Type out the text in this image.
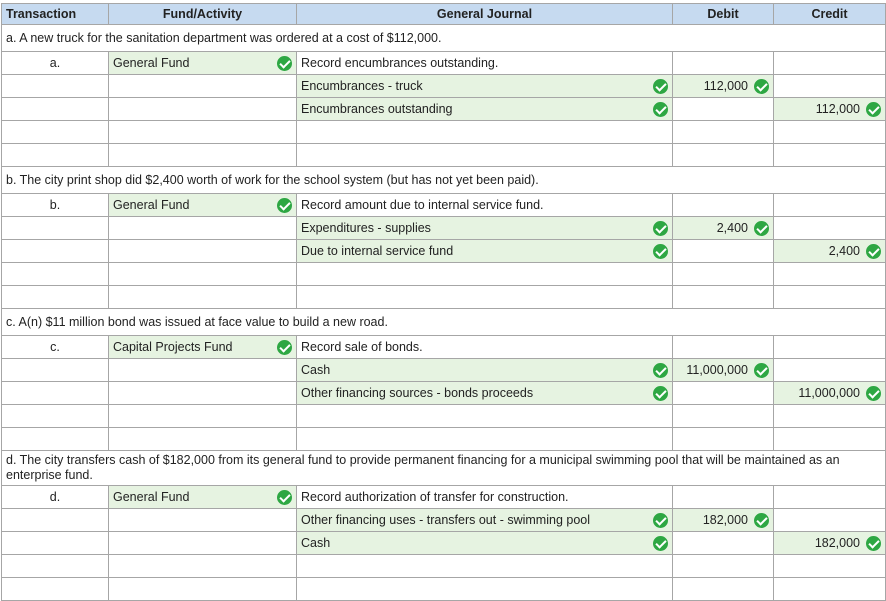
Transaction	Fund/Activity	General Journal	Debit	Credit
a. A new truck for the sanitation department was ordered at a cost of $112,000.				
a.	General Fund	Record encumbrances outstanding.		

		Encumbrances - truck	112,000	

		Encumbrances outstanding		112,000

b. The city print shop did $2,400 worth of work for the school system (but has not yet been paid).				
b.	General Fund	Record amount due to internal service fund.		

		Expenditures - supplies	2,400	

		Due to internal service fund		2,400

c. A(n) $11 million bond was issued at face value to build a new road.				
c.	Capital Projects Fund	Record sale of bonds.		

		Cash	11,000,000	

		Other financing sources - bonds proceeds		11,000,000

d. The city transfers cash of $182,000 from its general fund to provide permanent financing for a municipal swimming pool that will be maintained as an enterprise fund.				
d.	General Fund	Record authorization of transfer for construction.		

		Other financing uses - transfers out - swimming pool	182,000	

		Cash		182,000
